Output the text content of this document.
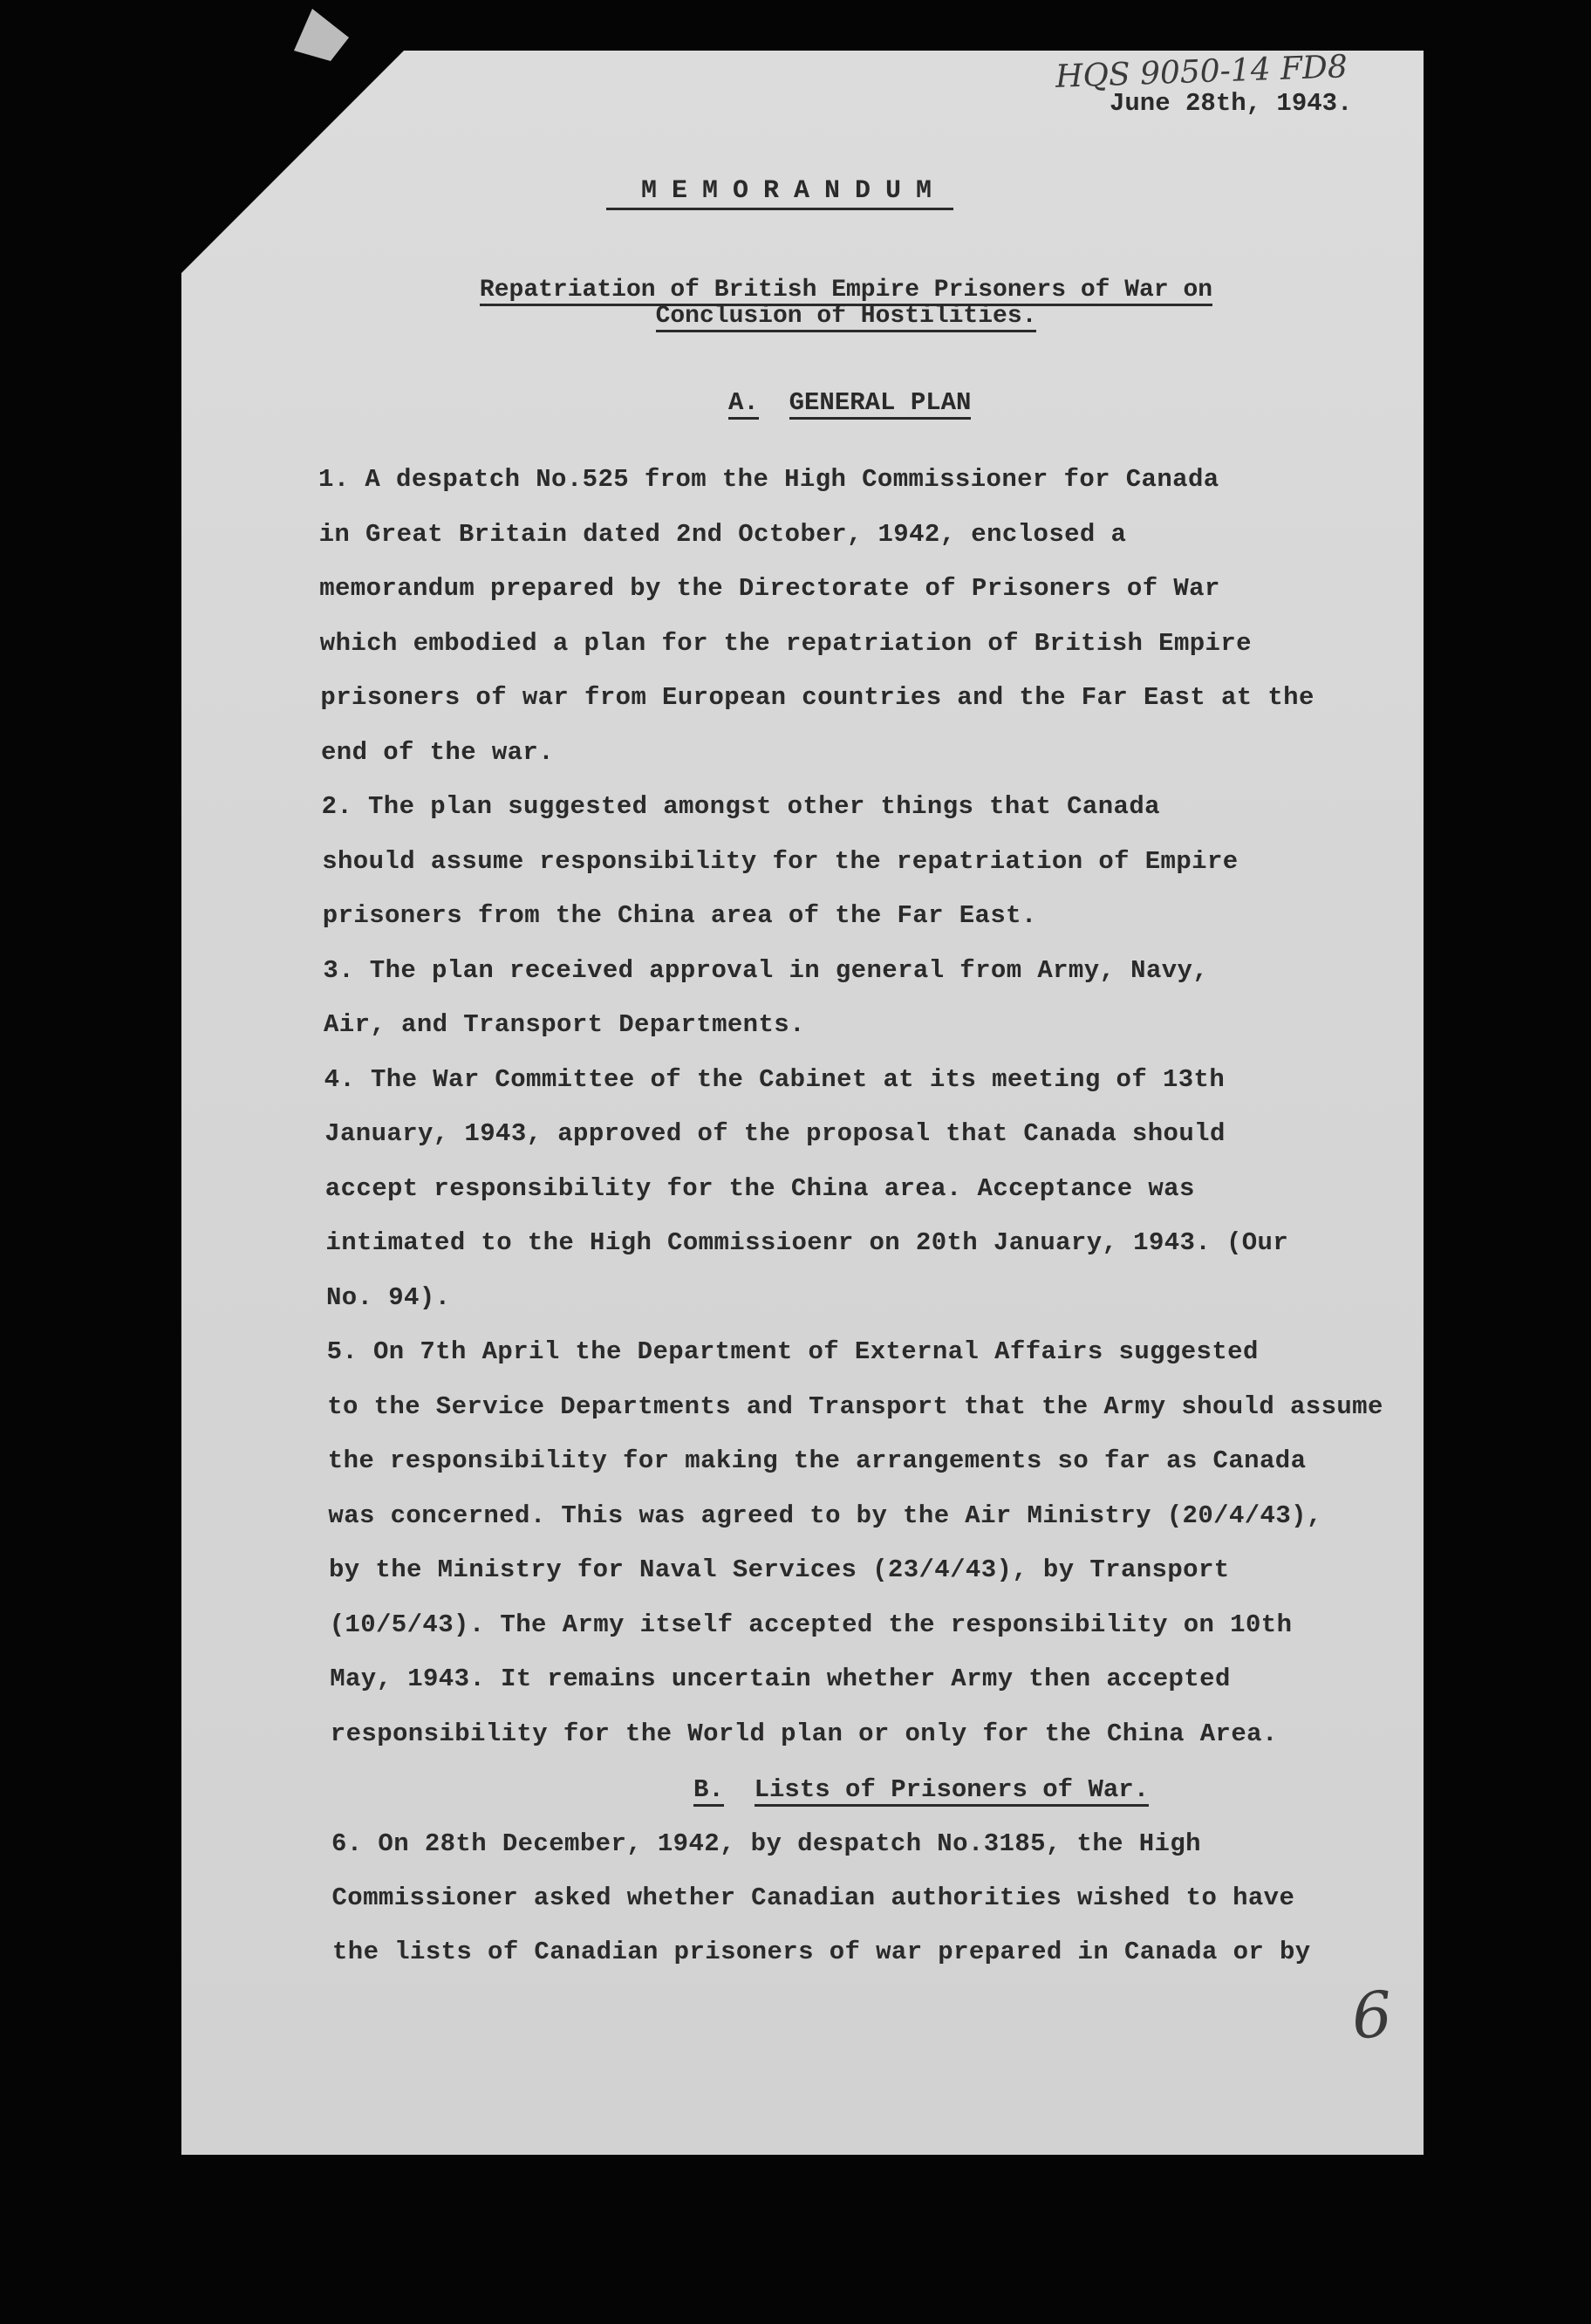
HQS 9050-14 FD8
June 28th, 1943.
MEMORANDUM
Repatriation of British Empire Prisoners of War on
Conclusion of Hostilities.
A. GENERAL PLAN
1. A despatch No.525 from the High Commissioner for Canada
in Great Britain dated 2nd October, 1942, enclosed a
memorandum prepared by the Directorate of Prisoners of War
which embodied a plan for the repatriation of British Empire
prisoners of war from European countries and the Far East at the
end of the war.
2. The plan suggested amongst other things that Canada
should assume responsibility for the repatriation of Empire
prisoners from the China area of the Far East.
3. The plan received approval in general from Army, Navy,
Air, and Transport Departments.
4. The War Committee of the Cabinet at its meeting of 13th
January, 1943, approved of the proposal that Canada should
accept responsibility for the China area. Acceptance was
intimated to the High Commissioenr on 20th January, 1943. (Our
No. 94).
5. On 7th April the Department of External Affairs suggested
to the Service Departments and Transport that the Army should assume
the responsibility for making the arrangements so far as Canada
was concerned. This was agreed to by the Air Ministry (20/4/43),
by the Ministry for Naval Services (23/4/43), by Transport
(10/5/43). The Army itself accepted the responsibility on 10th
May, 1943. It remains uncertain whether Army then accepted
responsibility for the World plan or only for the China Area.
B. Lists of Prisoners of War.
6. On 28th December, 1942, by despatch No.3185, the High
Commissioner asked whether Canadian authorities wished to have
the lists of Canadian prisoners of war prepared in Canada or by
6
